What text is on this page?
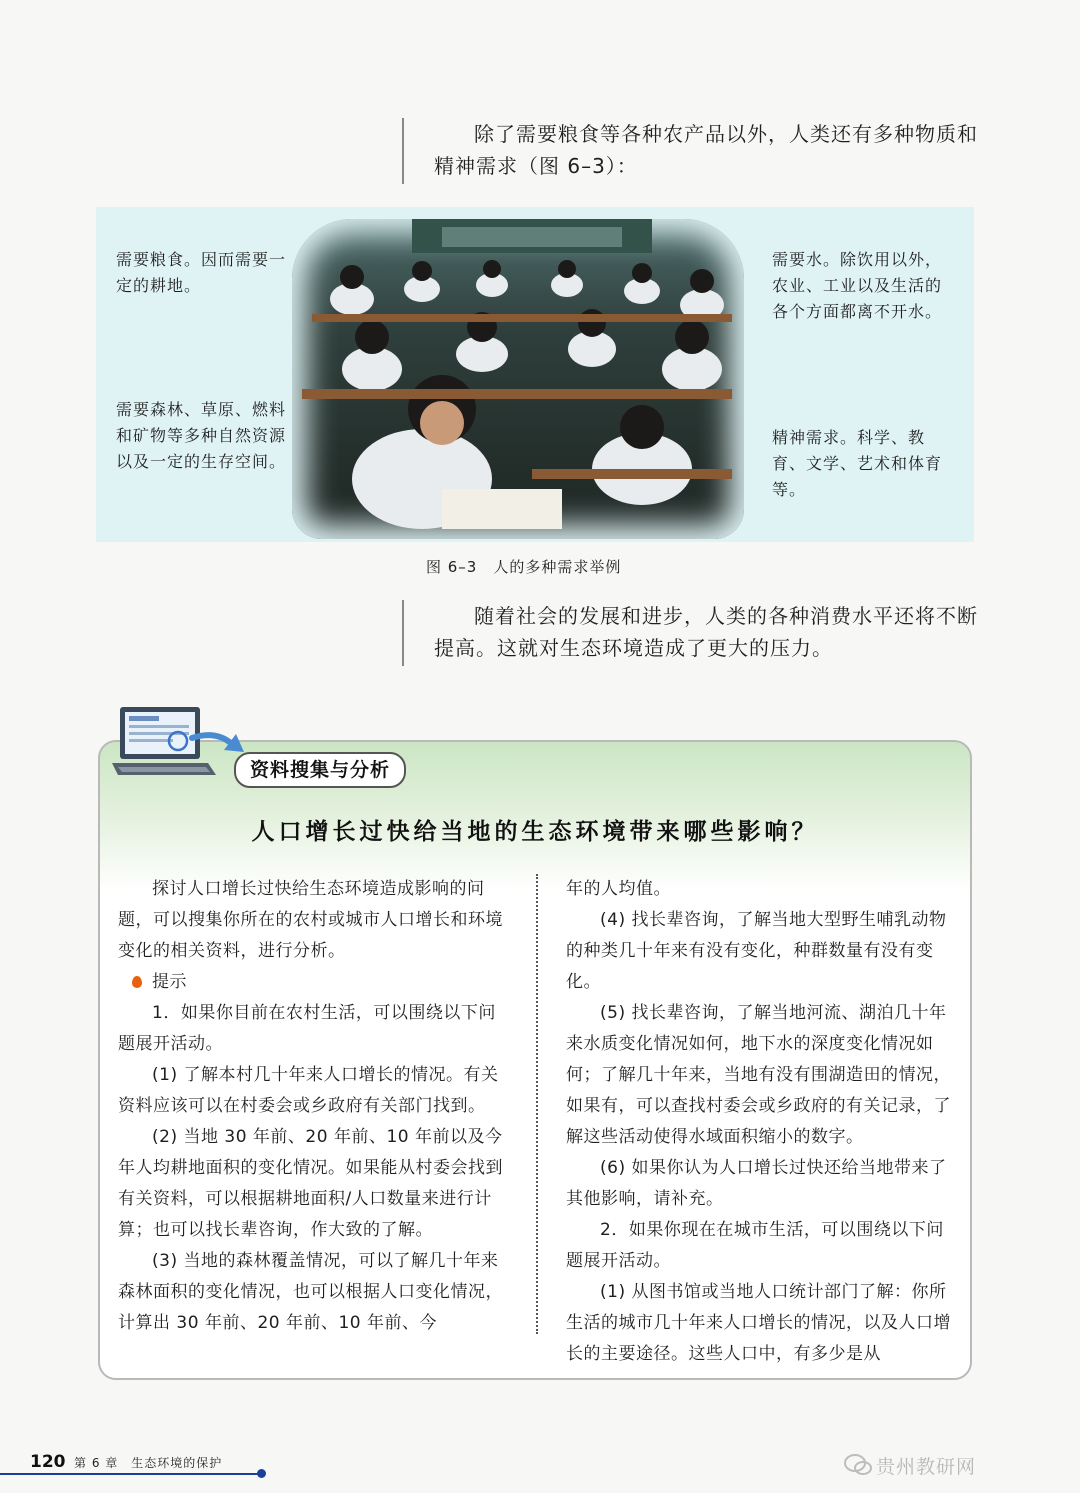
除了需要粮食等各种农产品以外，人类还有多种物质和精神需求（图 6–3）：

需要粮食。因而需要一定的耕地。
需要森林、草原、燃料和矿物等多种自然资源以及一定的生存空间。
需要水。除饮用以外，农业、工业以及生活的各个方面都离不开水。
精神需求。科学、教育、文学、艺术和体育等。
图 6–3　人的多种需求举例

随着社会的发展和进步，人类的各种消费水平还将不断提高。这就对生态环境造成了更大的压力。

资料搜集与分析
人口增长过快给当地的生态环境带来哪些影响？

探讨人口增长过快给生态环境造成影响的问题，可以搜集你所在的农村或城市人口增长和环境变化的相关资料，进行分析。

提示

1．如果你目前在农村生活，可以围绕以下问题展开活动。

(1) 了解本村几十年来人口增长的情况。有关资料应该可以在村委会或乡政府有关部门找到。

(2) 当地 30 年前、20 年前、10 年前以及今年人均耕地面积的变化情况。如果能从村委会找到有关资料，可以根据耕地面积/人口数量来进行计算；也可以找长辈咨询，作大致的了解。

(3) 当地的森林覆盖情况，可以了解几十年来森林面积的变化情况，也可以根据人口变化情况，计算出 30 年前、20 年前、10 年前、今

年的人均值。

(4) 找长辈咨询，了解当地大型野生哺乳动物的种类几十年来有没有变化，种群数量有没有变化。

(5) 找长辈咨询，了解当地河流、湖泊几十年来水质变化情况如何，地下水的深度变化情况如何；了解几十年来，当地有没有围湖造田的情况，如果有，可以查找村委会或乡政府的有关记录，了解这些活动使得水域面积缩小的数字。

(6) 如果你认为人口增长过快还给当地带来了其他影响，请补充。

2．如果你现在在城市生活，可以围绕以下问题展开活动。

(1) 从图书馆或当地人口统计部门了解：你所生活的城市几十年来人口增长的情况，以及人口增长的主要途径。这些人口中，有多少是从

120 第 6 章　生态环境的保护	贵州教研网
